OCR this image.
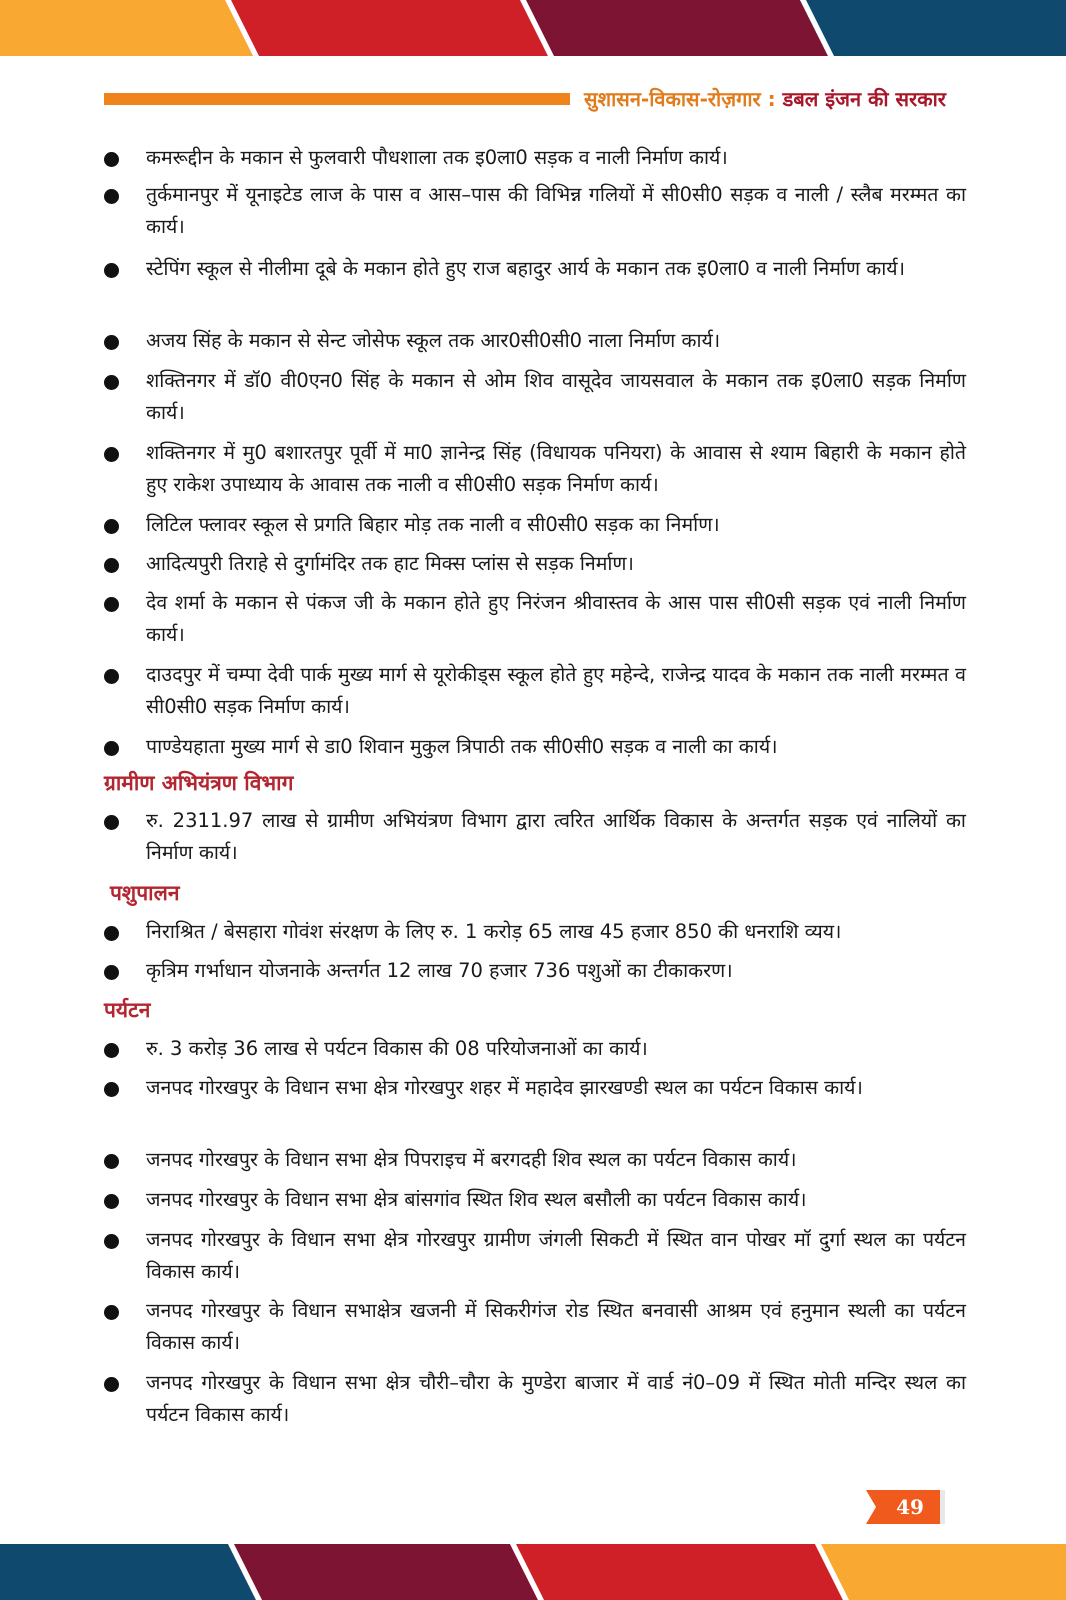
सुशासन-विकास-रोज़गार : डबल इंजन की सरकार
कमरूद्दीन के मकान से फुलवारी पौधशाला तक इ0ला0 सड़क व नाली निर्माण कार्य।
तुर्कमानपुर में यूनाइटेड लाज के पास व आस–पास की विभिन्न गलियों में सी0सी0 सड़क व नाली / स्लैब मरम्मत का कार्य।
स्टेपिंग स्कूल से नीलीमा दूबे के मकान होते हुए राज बहादुर आर्य के मकान तक इ0ला0 व नाली निर्माण कार्य।
अजय सिंह के मकान से सेन्ट जोसेफ स्कूल तक आर0सी0सी0 नाला निर्माण कार्य।
शक्तिनगर में डॉ0 वी0एन0 सिंह के मकान से ओम शिव वासूदेव जायसवाल के मकान तक इ0ला0 सड़क निर्माण कार्य।
शक्तिनगर में मु0 बशारतपुर पूर्वी में मा0 ज्ञानेन्द्र सिंह (विधायक पनियरा) के आवास से श्याम बिहारी के मकान होते हुए राकेश उपाध्याय के आवास तक नाली व सी0सी0 सड़क निर्माण कार्य।
लिटिल फ्लावर स्कूल से प्रगति बिहार मोड़ तक नाली व सी0सी0 सड़क का निर्माण।
आदित्यपुरी तिराहे से दुर्गामंदिर तक हाट मिक्स प्लांस से सड़क निर्माण।
देव शर्मा के मकान से पंकज जी के मकान होते हुए निरंजन श्रीवास्तव के आस पास सी0सी सड़क एवं नाली निर्माण कार्य।
दाउदपुर में चम्पा देवी पार्क मुख्य मार्ग से यूरोकीड्स स्कूल होते हुए महेन्दे, राजेन्द्र यादव के मकान तक नाली मरम्मत व सी0सी0 सड़क निर्माण कार्य।
पाण्डेयहाता मुख्य मार्ग से डा0 शिवान मुकुल त्रिपाठी तक सी0सी0 सड़क व नाली का कार्य।
ग्रामीण अभियंत्रण विभाग
रु. 2311.97 लाख से ग्रामीण अभियंत्रण विभाग द्वारा त्वरित आर्थिक विकास के अन्तर्गत सड़क एवं नालियों का निर्माण कार्य।
पशुपालन
निराश्रित / बेसहारा गोवंश संरक्षण के लिए रु. 1 करोड़ 65 लाख 45 हजार 850 की धनराशि व्यय।
कृत्रिम गर्भाधान योजनाके अन्तर्गत 12 लाख 70 हजार 736 पशुओं का टीकाकरण।
पर्यटन
रु. 3 करोड़ 36 लाख से पर्यटन विकास की 08 परियोजनाओं का कार्य।
जनपद गोरखपुर के विधान सभा क्षेत्र गोरखपुर शहर में महादेव झारखण्डी स्थल का पर्यटन विकास कार्य।
जनपद गोरखपुर के विधान सभा क्षेत्र पिपराइच में बरगदही शिव स्थल का पर्यटन विकास कार्य।
जनपद गोरखपुर के विधान सभा क्षेत्र बांसगांव स्थित शिव स्थल बसौली का पर्यटन विकास कार्य।
जनपद गोरखपुर के विधान सभा क्षेत्र गोरखपुर ग्रामीण जंगली सिकटी में स्थित वान पोखर मॉ दुर्गा स्थल का पर्यटन विकास कार्य।
जनपद गोरखपुर के विधान सभाक्षेत्र खजनी में सिकरीगंज रोड स्थित बनवासी आश्रम एवं हनुमान स्थली का पर्यटन विकास कार्य।
जनपद गोरखपुर के विधान सभा क्षेत्र चौरी–चौरा के मुण्डेरा बाजार में वार्ड नं0–09 में स्थित मोती मन्दिर स्थल का पर्यटन विकास कार्य।
49
